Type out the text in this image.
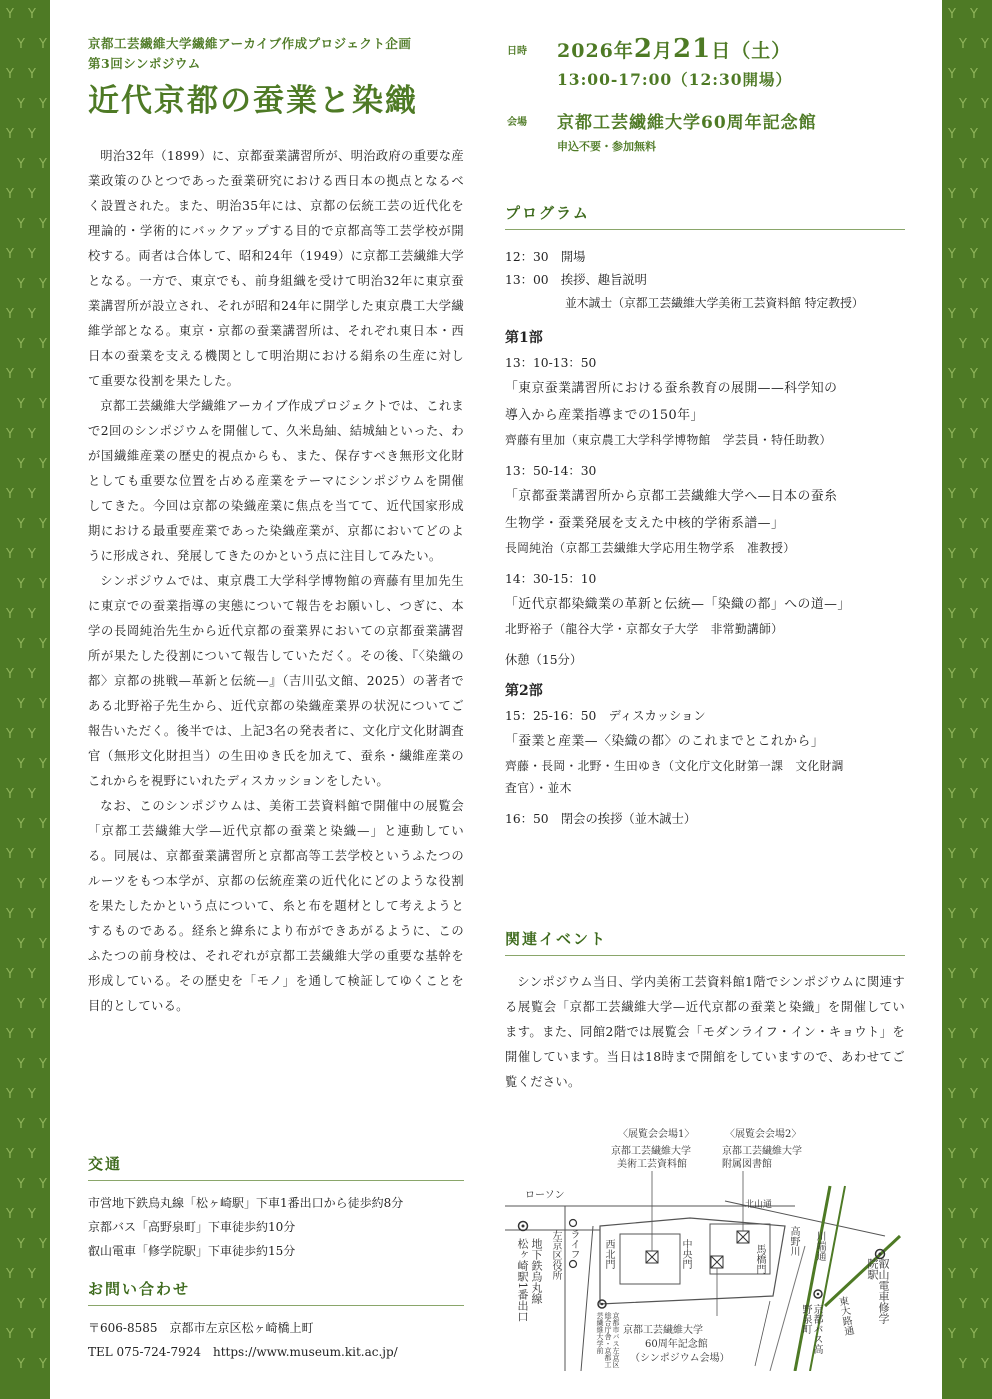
Y Y
Y Y
Y Y
Y Y
Y Y
Y Y
Y Y
Y Y
Y Y
Y Y
Y Y
Y Y
Y Y
Y Y
Y Y
Y Y
Y Y
Y Y
Y Y
Y Y
Y Y
Y Y
Y Y
Y Y
Y Y
Y Y
Y Y
Y Y
Y Y
Y Y
Y Y
Y Y
Y Y
Y Y
Y Y
Y Y
Y Y
Y Y
Y Y
Y Y
Y Y
Y Y
Y Y
Y Y
Y Y
Y Y
Y Y
Y Y
Y Y
Y Y
Y Y
Y Y
Y Y
Y Y
Y Y
Y Y
Y Y
Y Y
Y Y
Y Y
Y Y
Y Y
Y Y
Y Y
Y Y
Y Y
Y Y
Y Y
Y Y
Y Y
Y Y
Y Y
Y Y
Y Y
Y Y
Y Y
Y Y
Y Y
Y Y
Y Y
Y Y
Y Y
Y Y
Y Y
Y Y
Y Y
Y Y
Y Y
Y Y
Y Y
Y Y
Y Y
京都工芸繊維大学繊維アーカイブ作成プロジェクト企画
第3回シンポジウム
近代京都の蚕業と染織

明治32年（1899）に、京都蚕業講習所が、明治政府の重要な産業政策のひとつであった蚕業研究における西日本の拠点となるべく設置された。また、明治35年には、京都の伝統工芸の近代化を理論的・学術的にバックアップする目的で京都高等工芸学校が開校する。両者は合体して、昭和24年（1949）に京都工芸繊維大学となる。一方で、東京でも、前身組織を受けて明治32年に東京蚕業講習所が設立され、それが昭和24年に開学した東京農工大学繊維学部となる。東京・京都の蚕業講習所は、それぞれ東日本・西日本の蚕業を支える機関として明治期における絹糸の生産に対して重要な役割を果たした。

京都工芸繊維大学繊維アーカイブ作成プロジェクトでは、これまで2回のシンポジウムを開催して、久米島紬、結城紬といった、わが国繊維産業の歴史的視点からも、また、保存すべき無形文化財としても重要な位置を占める産業をテーマにシンポジウムを開催してきた。今回は京都の染織産業に焦点を当てて、近代国家形成期における最重要産業であった染織産業が、京都においてどのように形成され、発展してきたのかという点に注目してみたい。

シンポジウムでは、東京農工大学科学博物館の齊藤有里加先生に東京での蚕業指導の実態について報告をお願いし、つぎに、本学の長岡純治先生から近代京都の蚕業界においての京都蚕業講習所が果たした役割について報告していただく。その後、『〈染織の都〉京都の挑戦—革新と伝統—』（吉川弘文館、2025）の著者である北野裕子先生から、近代京都の染織産業界の状況についてご報告いただく。後半では、上記3名の発表者に、文化庁文化財調査官（無形文化財担当）の生田ゆき氏を加えて、蚕糸・繊維産業のこれからを視野にいれたディスカッションをしたい。

なお、このシンポジウムは、美術工芸資料館で開催中の展覧会「京都工芸繊維大学—近代京都の蚕業と染織—」と連動している。同展は、京都蚕業講習所と京都高等工芸学校というふたつのルーツをもつ本学が、京都の伝統産業の近代化にどのような役割を果たしたかという点について、糸と布を題材として考えようとするものである。経糸と緯糸により布ができあがるように、このふたつの前身校は、それぞれが京都工芸繊維大学の重要な基幹を形成している。その歴史を「モノ」を通して検証してゆくことを目的としている。

交通
市営地下鉄烏丸線「松ヶ崎駅」下車1番出口から徒歩約8分
京都バス「高野泉町」下車徒歩約10分
叡山電車「修学院駅」下車徒歩約15分
お問い合わせ
〒606-8585　京都市左京区松ヶ崎橋上町
TEL 075-724-7924　https://www.museum.kit.ac.jp/
日時 2026年2月21日（土）
13:00-17:00（12:30開場）
会場 京都工芸繊維大学60周年記念館
申込不要・参加無料
プログラム
12：30　開場
13：00　挨拶、趣旨説明
並木誠士（京都工芸繊維大学美術工芸資料館 特定教授）
第1部
13：10-13：50
「東京蚕業講習所における蚕糸教育の展開——科学知の
導入から産業指導までの150年」
齊藤有里加（東京農工大学科学博物館　学芸員・特任助教）
13：50-14：30
「京都蚕業講習所から京都工芸繊維大学へ—日本の蚕糸
生物学・蚕業発展を支えた中核的学術系譜—」
長岡純治（京都工芸繊維大学応用生物学系　准教授）
14：30-15：10
「近代京都染織業の革新と伝統—「染織の都」への道—」
北野裕子（龍谷大学・京都女子大学　非常勤講師）
休憩（15分）
第2部
15：25-16：50　ディスカッション
「蚕業と産業—〈染織の都〉のこれまでとこれから」
齊藤・長岡・北野・生田ゆき（文化庁文化財第一課　文化財調
査官）・並木
16：50　閉会の挨拶（並木誠士）
関連イベント

シンポジウム当日、学内美術工芸資料館1階でシンポジウムに関連する展覧会「京都工芸繊維大学—近代京都の蚕業と染織」を開催しています。また、同館2階では展覧会「モダンライフ・イン・キョウト」を開催しています。当日は18時まで開館をしていますので、あわせてご覧ください。

〈展覧会会場1〉
京都工芸繊維大学
美術工芸資料館
〈展覧会会場2〉
京都工芸繊維大学
附属図書館
ローソン
北山通
京都工芸繊維大学
60周年記念館
（シンポジウム会場）
松ヶ崎駅1番出口 地下鉄烏丸線 左京区役所 ライフ 西北門	中央門	馬橋門
京都市バス左京区総合庁舎・京都工芸繊維大学前
高野川 川端通
京都バス高野泉町	東大路通	叡山電車修学院駅
